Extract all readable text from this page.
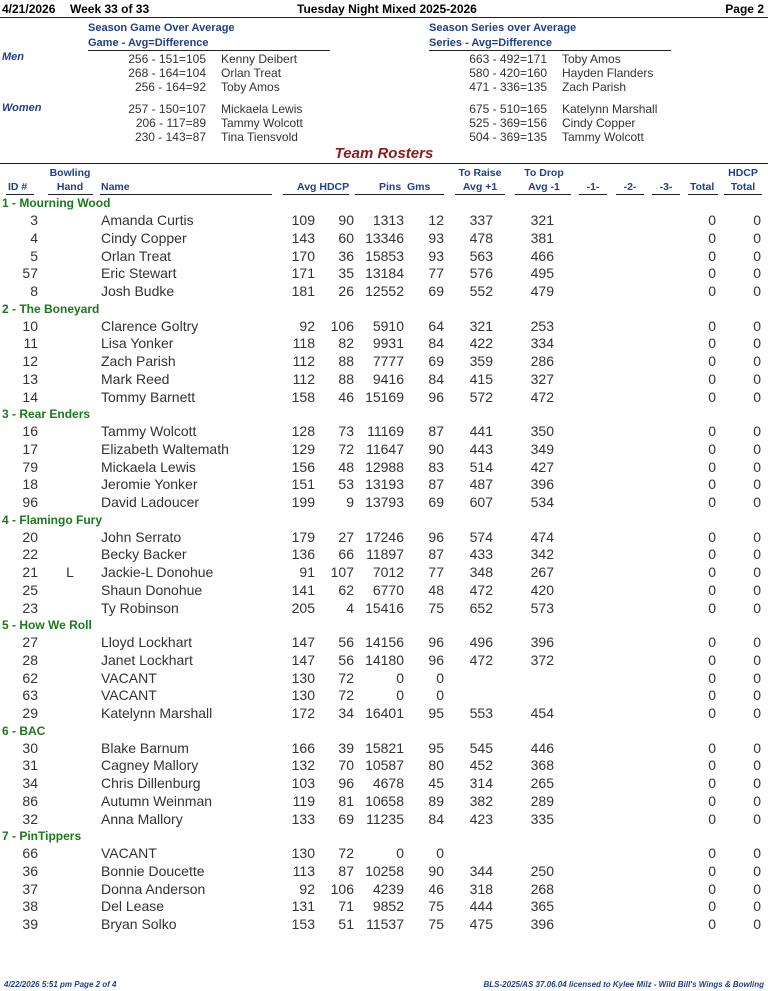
4/21/2026 Week 33 of 33	Tuesday Night Mixed 2025-2026	Page 2
Season Game Over Average
Game - Avg=Difference
Season Series over Average
Series - Avg=Difference
Men
Women
256 - 151=105 Kenny Deibert
268 - 164=104 Orlan Treat
256 - 164=92 Toby Amos
663 - 492=171 Toby Amos
580 - 420=160 Hayden Flanders
471 - 336=135 Zach Parish
257 - 150=107 Mickaela Lewis
206 - 117=89 Tammy Wolcott
230 - 143=87 Tina Tiensvold
675 - 510=165 Katelynn Marshall
525 - 369=156 Cindy Copper
504 - 369=135 Tammy Wolcott
Team Rosters
ID #
Bowling
Hand	Name	Avg HDCP	Pins  Gms
To Raise
Avg +1
To Drop
Avg -1	-1-	-2-	-3-	Total
HDCP
Total
1 - Mourning Wood
3	Amanda Curtis	109 90 1313 12 337	321	0	0
4	Cindy Copper	143 60 13346 93 478	381	0	0
5	Orlan Treat	170 36 15853 93 563	466	0	0
57	Eric Stewart	171 35 13184 77 576	495	0	0
8	Josh Budke	181 26 12552 69 552	479	0	0
2 - The Boneyard
10	Clarence Goltry	92 106 5910 64 321	253	0	0
11	Lisa Yonker	118 82 9931 84 422	334	0	0
12	Zach Parish	112 88 7777 69 359	286	0	0
13	Mark Reed	112 88 9416 84 415	327	0	0
14	Tommy Barnett	158 46 15169 96 572	472	0	0
3 - Rear Enders
16	Tammy Wolcott	128 73 11169 87 441	350	0	0
17	Elizabeth Waltemath	129 72 11647 90 443	349	0	0
79	Mickaela Lewis	156 48 12988 83 514	427	0	0
18	Jeromie Yonker	151 53 13193 87 487	396	0	0
96	David Ladoucer	199 9 13793 69 607	534	0	0
4 - Flamingo Fury
20	John Serrato	179 27 17246 96 574	474	0	0
22	Becky Backer	136 66 11897 87 433	342	0	0
21	L	Jackie-L Donohue	91 107 7012 77 348	267	0	0
25	Shaun Donohue	141 62 6770 48 472	420	0	0
23	Ty Robinson	205 4 15416 75 652	573	0	0
5 - How We Roll
27	Lloyd Lockhart	147 56 14156 96 496	396	0	0
28	Janet Lockhart	147 56 14180 96 472	372	0	0
62	VACANT	130 72	0 0	0	0
63	VACANT	130 72	0 0	0	0
29	Katelynn Marshall	172 34 16401 95 553	454	0	0
6 - BAC
30	Blake Barnum	166 39 15821 95 545	446	0	0
31	Cagney Mallory	132 70 10587 80 452	368	0	0
34	Chris Dillenburg	103 96 4678 45 314	265	0	0
86	Autumn Weinman	119 81 10658 89 382	289	0	0
32	Anna Mallory	133 69 11235 84 423	335	0	0
7 - PinTippers
66	VACANT	130 72	0 0	0	0
36	Bonnie Doucette	113 87 10258 90 344	250	0	0
37	Donna Anderson	92 106 4239 46 318	268	0	0
38	Del Lease	131 71 9852 75 444	365	0	0
39	Bryan Solko	153 51 11537 75 475	396	0	0
4/22/2026 5:51 pm Page 2 of 4	BLS-2025/AS 37.06.04 licensed to Kylee Milz - Wild Bill's Wings & Bowling
